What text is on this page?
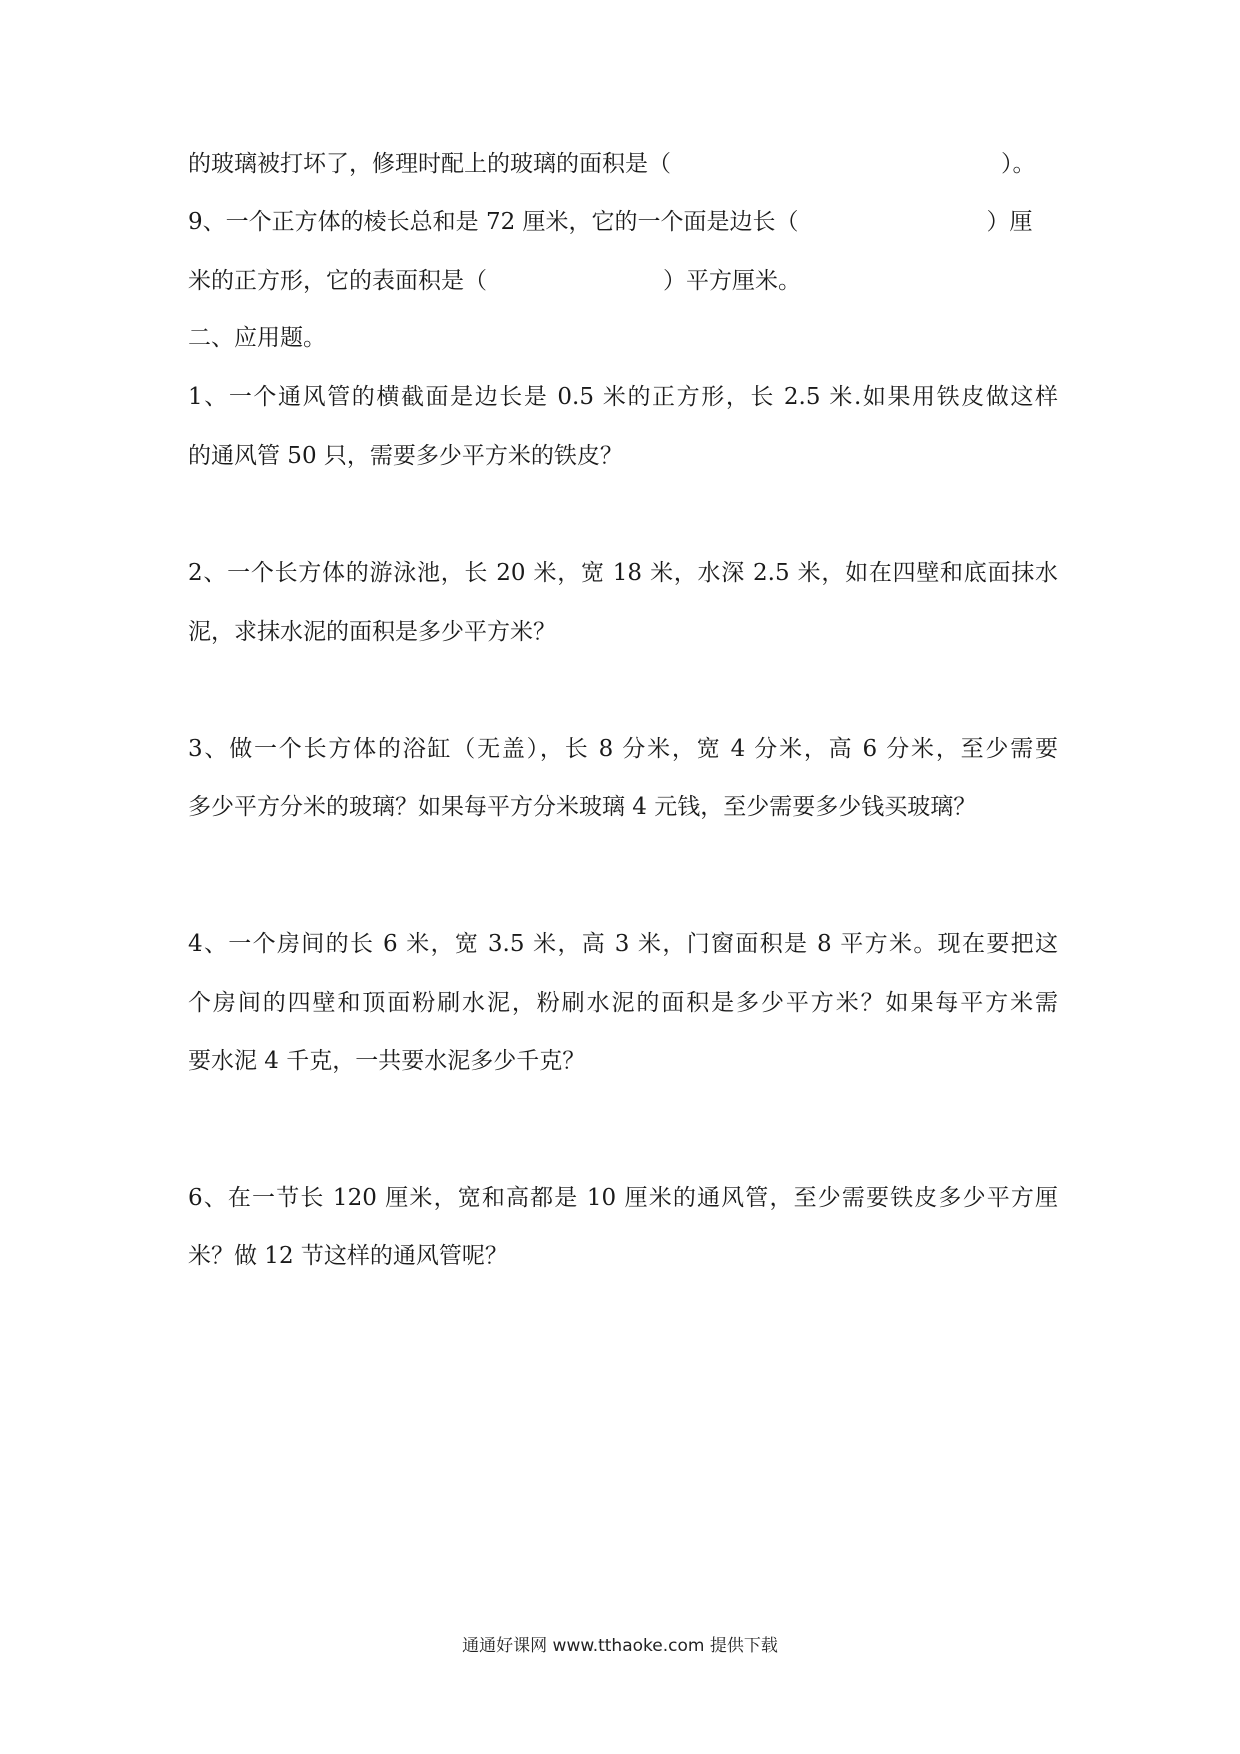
的玻璃被打坏了，修理时配上的玻璃的面积是（	）。

9、一个正方体的棱长总和是 72 厘米，它的一个面是边长（	）厘

米的正方形，它的表面积是（	）平方厘米。

二、应用题。

1、一个通风管的横截面是边长是 0.5 米的正方形，长 2.5 米.如果用铁皮做这样

的通风管 50 只，需要多少平方米的铁皮？

2、一个长方体的游泳池，长 20 米，宽 18 米，水深 2.5 米，如在四壁和底面抹水

泥，求抹水泥的面积是多少平方米？

3、做一个长方体的浴缸（无盖），长 8 分米，宽 4 分米，高 6 分米，至少需要

多少平方分米的玻璃？如果每平方分米玻璃 4 元钱，至少需要多少钱买玻璃？

4、一个房间的长 6 米，宽 3.5 米，高 3 米，门窗面积是 8 平方米。现在要把这

个房间的四壁和顶面粉刷水泥，粉刷水泥的面积是多少平方米？如果每平方米需

要水泥 4 千克，一共要水泥多少千克？

6、在一节长 120 厘米，宽和高都是 10 厘米的通风管，至少需要铁皮多少平方厘

米？做 12 节这样的通风管呢？

通通好课网 www.tthaoke.com 提供下载
